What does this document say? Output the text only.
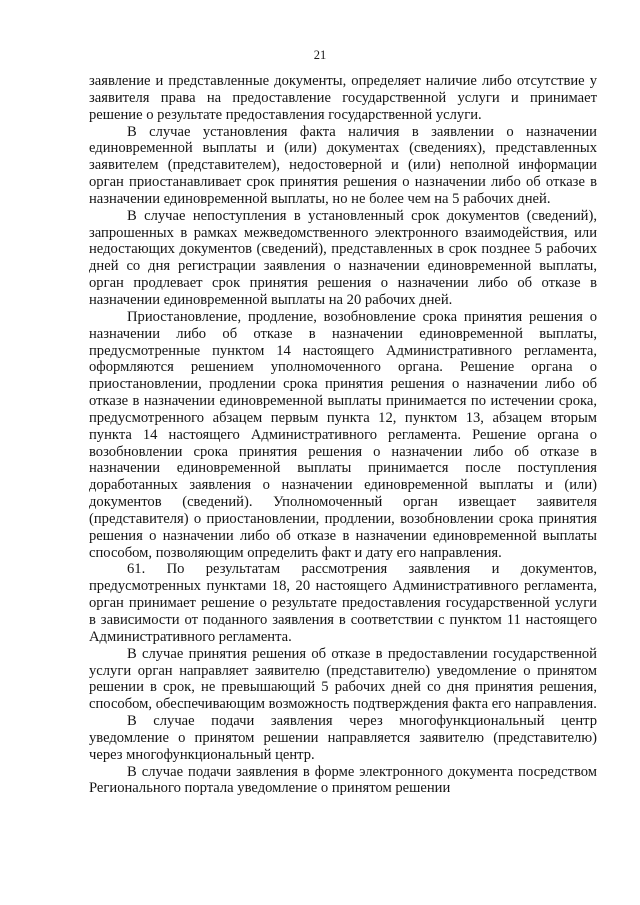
21

заявление и представленные документы, определяет наличие либо отсутствие у заявителя права на предоставление государственной услуги и принимает решение о результате предоставления государственной услуги.

В случае установления факта наличия в заявлении о назначении единовременной выплаты и (или) документах (сведениях), представленных заявителем (представителем), недостоверной и (или) неполной информации орган приостанавливает срок принятия решения о назначении либо об отказе в назначении единовременной выплаты, но не более чем на 5 рабочих дней.

В случае непоступления в установленный срок документов (сведений), запрошенных в рамках межведомственного электронного взаимодействия, или недостающих документов (сведений), представленных в срок позднее 5 рабочих дней со дня регистрации заявления о назначении единовременной выплаты, орган продлевает срок принятия решения о назначении либо об отказе в назначении единовременной выплаты на 20 рабочих дней.

Приостановление, продление, возобновление срока принятия решения о назначении либо об отказе в назначении единовременной выплаты, предусмотренные пунктом 14 настоящего Административного регламента, оформляются решением уполномоченного органа. Решение органа о приостановлении, продлении срока принятия решения о назначении либо об отказе в назначении единовременной выплаты принимается по истечении срока, предусмотренного абзацем первым пункта 12, пунктом 13, абзацем вторым пункта 14 настоящего Административного регламента. Решение органа о возобновлении срока принятия решения о назначении либо об отказе в назначении единовременной выплаты принимается после поступления доработанных заявления о назначении единовременной выплаты и (или) документов (сведений). Уполномоченный орган извещает заявителя (представителя) о приостановлении, продлении, возобновлении срока принятия решения о назначении либо об отказе в назначении единовременной выплаты способом, позволяющим определить факт и дату его направления.

61. По результатам рассмотрения заявления и документов, предусмотренных пунктами 18, 20 настоящего Административного регламента, орган принимает решение о результате предоставления государственной услуги в зависимости от поданного заявления в соответствии с пунктом 11 настоящего Административного регламента.

В случае принятия решения об отказе в предоставлении государственной услуги орган направляет заявителю (представителю) уведомление о принятом решении в срок, не превышающий 5 рабочих дней со дня принятия решения, способом, обеспечивающим возможность подтверждения факта его направления.

В случае подачи заявления через многофункциональный центр уведомление о принятом решении направляется заявителю (представителю) через многофункциональный центр.

В случае подачи заявления в форме электронного документа посредством Регионального портала уведомление о принятом решении
